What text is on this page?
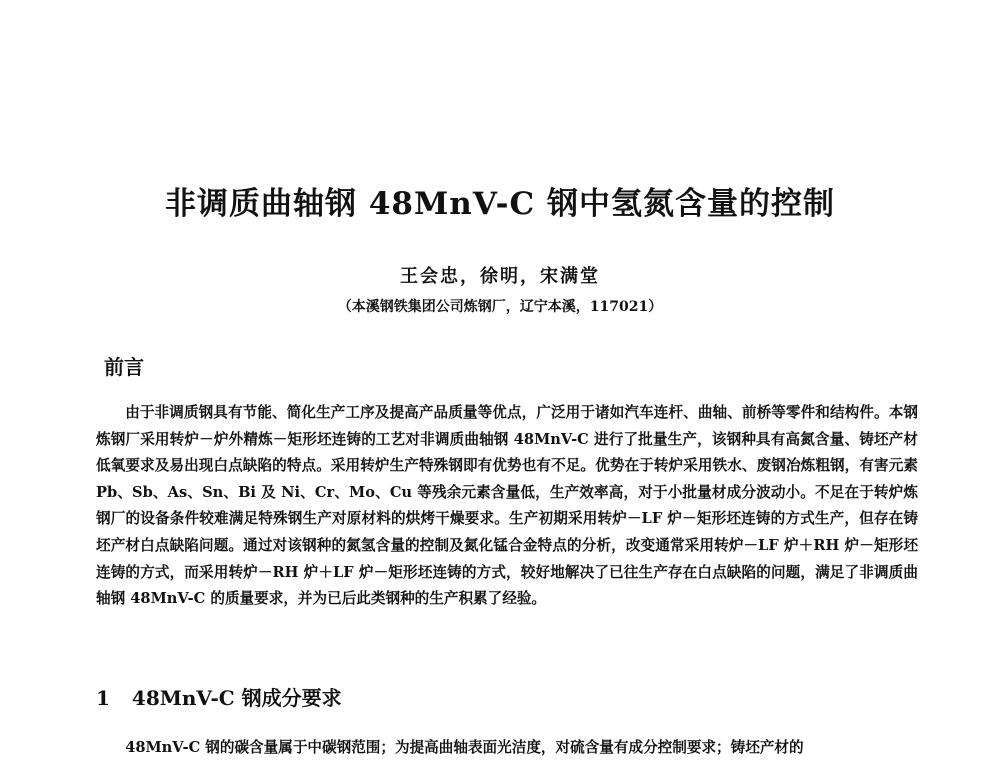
非调质曲轴钢 48MnV-C 钢中氢氮含量的控制
王会忠，徐明，宋满堂
（本溪钢铁集团公司炼钢厂，辽宁本溪，117021）
前言

由于非调质钢具有节能、简化生产工序及提高产品质量等优点，广泛用于诸如汽车连杆、曲轴、前桥等零件和结构件。本钢炼钢厂采用转炉－炉外精炼－矩形坯连铸的工艺对非调质曲轴钢 48MnV-C 进行了批量生产，该钢种具有高氮含量、铸坯产材低氧要求及易出现白点缺陷的特点。采用转炉生产特殊钢即有优势也有不足。优势在于转炉采用铁水、废钢冶炼粗钢，有害元素 Pb、Sb、As、Sn、Bi 及 Ni、Cr、Mo、Cu 等残余元素含量低，生产效率高，对于小批量材成分波动小。不足在于转炉炼钢厂的设备条件较难满足特殊钢生产对原材料的烘烤干燥要求。生产初期采用转炉－LF 炉－矩形坯连铸的方式生产，但存在铸坯产材白点缺陷问题。通过对该钢种的氮氢含量的控制及氮化锰合金特点的分析，改变通常采用转炉－LF 炉＋RH 炉－矩形坯连铸的方式，而采用转炉－RH 炉＋LF 炉－矩形坯连铸的方式，较好地解决了已往生产存在白点缺陷的问题，满足了非调质曲轴钢 48MnV-C 的质量要求，并为已后此类钢种的生产积累了经验。

1 48MnV-C 钢成分要求

48MnV-C 钢的碳含量属于中碳钢范围；为提高曲轴表面光洁度，对硫含量有成分控制要求；铸坯产材的
